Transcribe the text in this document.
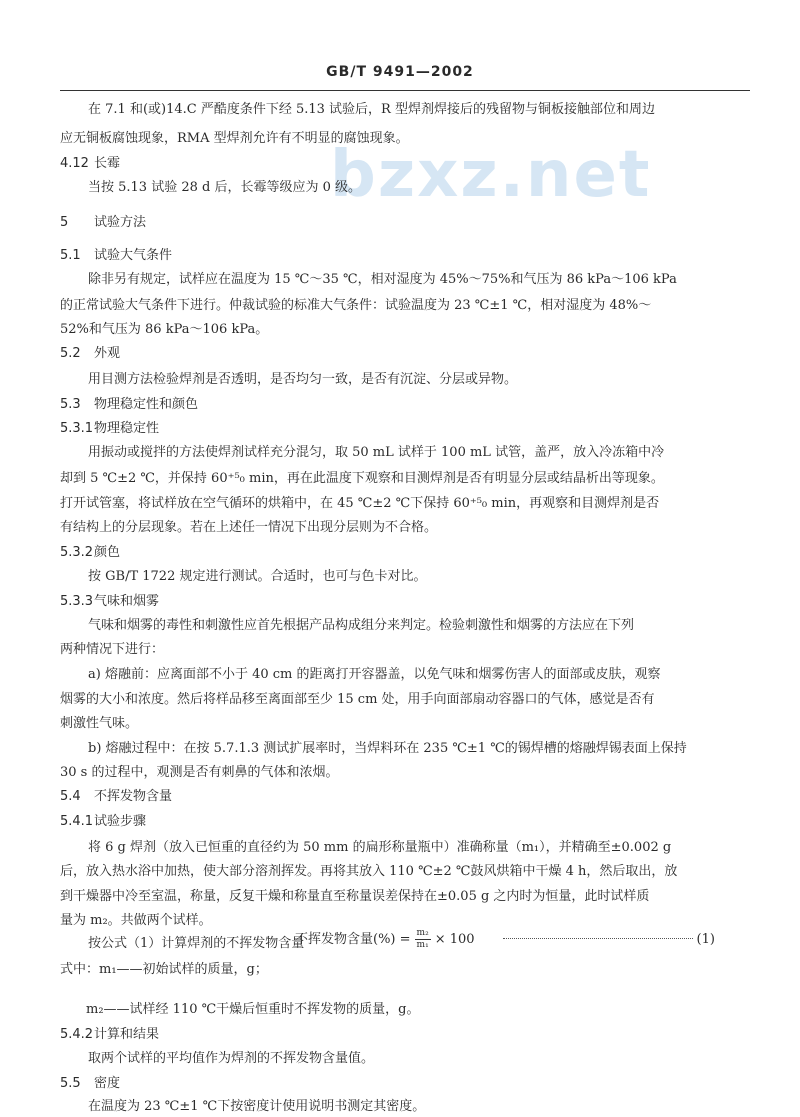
GB/T 9491—2002
bzxz.net
在 7.1 和(或)14.C 严酷度条件下经 5.13 试验后，R 型焊剂焊接后的残留物与铜板接触部位和周边
应无铜板腐蚀现象，RMA 型焊剂允许有不明显的腐蚀现象。
4.12 长霉
当按 5.13 试验 28 d 后，长霉等级应为 0 级。
5 试验方法
5.1 试验大气条件
除非另有规定，试样应在温度为 15 ℃～35 ℃，相对湿度为 45%～75%和气压为 86 kPa～106 kPa
的正常试验大气条件下进行。仲裁试验的标准大气条件：试验温度为 23 ℃±1 ℃，相对湿度为 48%～
52%和气压为 86 kPa～106 kPa。
5.2 外观
用目测方法检验焊剂是否透明，是否均匀一致，是否有沉淀、分层或异物。
5.3 物理稳定性和颜色
5.3.1物理稳定性
用振动或搅拌的方法使焊剂试样充分混匀，取 50 mL 试样于 100 mL 试管，盖严，放入冷冻箱中冷
却到 5 ℃±2 ℃，并保持 60⁺⁵₀ min，再在此温度下观察和目测焊剂是否有明显分层或结晶析出等现象。
打开试管塞，将试样放在空气循环的烘箱中，在 45 ℃±2 ℃下保持 60⁺⁵₀ min，再观察和目测焊剂是否
有结构上的分层现象。若在上述任一情况下出现分层则为不合格。
5.3.2颜色
按 GB/T 1722 规定进行测试。合适时，也可与色卡对比。
5.3.3气味和烟雾
气味和烟雾的毒性和刺激性应首先根据产品构成组分来判定。检验刺激性和烟雾的方法应在下列
两种情况下进行：
a) 熔融前：应离面部不小于 40 cm 的距离打开容器盖，以免气味和烟雾伤害人的面部或皮肤，观察
烟雾的大小和浓度。然后将样品移至离面部至少 15 cm 处，用手向面部扇动容器口的气体，感觉是否有
刺激性气味。
b) 熔融过程中：在按 5.7.1.3 测试扩展率时，当焊料环在 235 ℃±1 ℃的锡焊槽的熔融焊锡表面上保持
30 s 的过程中，观测是否有刺鼻的气体和浓烟。
5.4 不挥发物含量
5.4.1试验步骤
将 6 g 焊剂（放入已恒重的直径约为 50 mm 的扁形称量瓶中）准确称量（m₁），并精确至±0.002 g
后，放入热水浴中加热，使大部分溶剂挥发。再将其放入 110 ℃±2 ℃鼓风烘箱中干燥 4 h，然后取出，放
到干燥器中冷至室温，称量，反复干燥和称量直至称量误差保持在±0.05 g 之内时为恒量，此时试样质
量为 m₂。共做两个试样。
按公式（1）计算焊剂的不挥发物含量
不挥发物含量(%) = $\frac{\text{m₂}}{\text{m₁}} \times 100$	(1)
式中：m₁——初始试样的质量，g；
m₂——试样经 110 ℃干燥后恒重时不挥发物的质量，g。
5.4.2计算和结果
取两个试样的平均值作为焊剂的不挥发物含量值。
5.5 密度
在温度为 23 ℃±1 ℃下按密度计使用说明书测定其密度。
